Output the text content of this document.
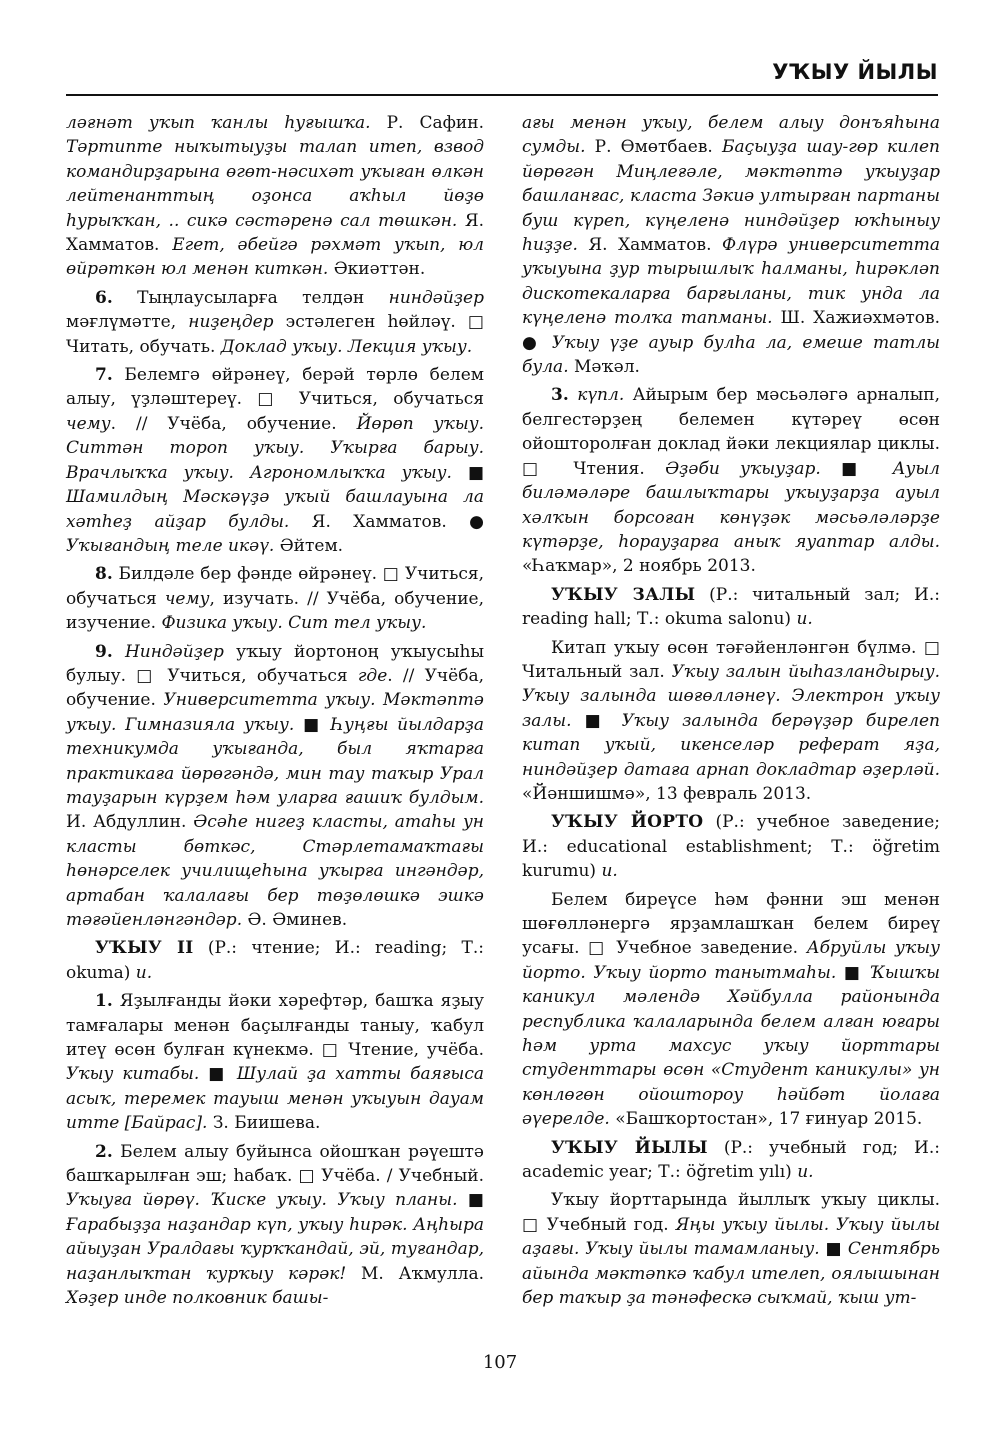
УҠЫУ ЙЫЛЫ

ләғнәт уҡып ҡанлы һуғышҡа. Р. Сафин. Тәртипте ныҡытыуҙы талап итеп, взвод командирҙарына өгөт-нәсихәт уҡыған өлкән лейтенанттың оҙонса аҡһыл йөҙө һурыҡҡан, .. сикә сәстәренә сал төшкән. Я. Хамматов. Егет, әбейгә рәхмәт уҡып, юл өйрәткән юл менән киткән. Әкиәттән.

6. Тыңлаусыларға телдән ниндәйҙер мәғлүмәтте, ниҙеңдер эстәлеген һөйләү. □ Читать, обучать. Доклад уҡыу. Лекция уҡыу.

7. Белемгә өйрәнеү, берәй төрлө белем алыу, үҙләштереү. □ Учиться, обучаться чему. // Учёба, обучение. Йөрөп уҡыу. Ситтән тороп уҡыу. Уҡырға барыу. Врачлыҡҡа уҡыу. Агрономлыҡҡа уҡыу. ■ Шамилдың Мәскәүҙә уҡый башлауына ла хәтһеҙ айҙар булды. Я. Хамматов. ● Уҡығандың теле икәү. Әйтем.

8. Билдәле бер фәнде өйрәнеү. □ Учиться, обучаться чему, изучать. // Учёба, обучение, изучение. Физика уҡыу. Сит тел уҡыу.

9. Ниндәйҙер уҡыу йортонoң уҡыусыһы булыу. □ Учиться, обучаться где. // Учёба, обучение. Университетта уҡыу. Мәктәптә уҡыу. Гимназияла уҡыу. ■ Һуңғы йылдарҙа техникумда уҡығанда, был яҡтарға практикаға йөрөгәндә, мин тау таҡыр Урал тауҙарын күрҙем һәм уларға ғашиҡ булдым. И. Абдуллин. Әсәһе нигеҙ класты, атаһы ун класты бөткәс, Стәрлетамаҡтағы һөнәрселек училищеһына уҡырға ингәндәр, артабан ҡалалағы бер төҙөлөшкә эшкә тәғәйенләнгәндәр. Ә. Әминев.

УҠЫУ II (Р.: чтение; И.: reading; Т.: okuma) и.

1. Яҙылғанды йәки хәрефтәр, башҡа яҙыу тамғалары менән баҫылғанды таныу, ҡабул итеү өсөн булған күнекмә. □ Чтение, учёба. Уҡыу китабы. ■ Шулай ҙа хатты баяғыса асыҡ, теремек тауыш менән уҡыуын дауам итте [Байрас]. З. Биишева.

2. Белем алыу буйынса ойошҡан рәүештә башҡарылған эш; һабаҡ. □ Учёба. / Учебный. Уҡыуға йөрөү. Ҡиске уҡыу. Уҡыу планы. ■ Ғарабыҙҙа наҙандар күп, уҡыу һирәк. Аңһыра айыуҙан Уралдағы ҡурҡҡандай, эй, туғандар, наҙанлыҡтан ҡурҡыу кәрәк! М. Аҡмулла. Хәҙер инде полковник башы-

ағы менән уҡыу, белем алыу донъяһына сумды. Р. Өмөтбаев. Баҫыуҙа шау-гөр килеп йөрөгән Миңлеғәле, мәктәптә уҡыуҙар башланғас, класта Зәкиә ултырған партаны буш күреп, күңеленә ниндәйҙер юҡһыныу һиҙҙе. Я. Хамматов. Флүрә университетта уҡыуына ҙур тырышлыҡ һалманы, һирәкләп дискотекаларға барғыланы, тик унда ла күңеленә толҡа тапманы. Ш. Хажиәхмәтов. ● Уҡыу үҙе ауыр булһа ла, емеше татлы була. Мәҡәл.

3. күпл. Айырым бер мәсьәләгә арналып, белгестәрҙең белемен күтәреү өсөн ойоштоpолған доклад йәки лекциялар циклы. □ Чтения. Әҙәби уҡыуҙар. ■ Ауыл биләмәләре башлыҡтары уҡыуҙарҙа ауыл хәлҡын борсоған көнүҙәк мәсьәләләрҙе күтәрҙе, һорауҙарға аныҡ яуаптар алды. «Һаҡмар», 2 ноябрь 2013.

УҠЫУ ЗАЛЫ (Р.: читальный зал; И.: reading hall; Т.: okuma salonu) и.

Китап уҡыу өсөн тәғәйенләнгән бүлмә. □ Читальный зал. Уҡыу залын йыһазландырыу. Уҡыу залында шөғөлләнеү. Электрон уҡыу залы. ■ Уҡыу залында берәүҙәр бирелеп китап уҡый, икенселәр реферат яҙа, ниндәйҙер датаға арнап докладтар әҙерләй. «Йәншишмә», 13 февраль 2013.

УҠЫУ ЙОРТО (Р.: учебное заведение; И.: educational establishment; Т.: öğretim kurumu) и.

Белем биреүсе һәм фәнни эш менән шөғөлләнергә ярҙамлашҡан белем биреү усағы. □ Учебное заведение. Абруйлы уҡыу йорто. Уҡыу йорто танытмаһы. ■ Ҡышҡы каникул мәлендә Хәйбулла районында республика ҡалаларында белем алған юғары һәм урта махсус уҡыу йорттары студенттары өсөн «Студент каникулы» ун көнлөгөн ойоштороу һәйбәт йолаға әүерелде. «Башҡортостан», 17 ғинуар 2015.

УҠЫУ ЙЫЛЫ (Р.: учебный год; И.: academic year; Т.: öğretim yılı) и.

Уҡыу йорттарында йыллыҡ уҡыу циклы. □ Учебный год. Яңы уҡыу йылы. Уҡыу йылы аҙағы. Уҡыу йылы тамамланыу. ■ Сентябрь айында мәктәпкә ҡабул ителеп, оялышынан бер таҡыр ҙа тәнәфескә сыҡмай, ҡыш ут-

107
